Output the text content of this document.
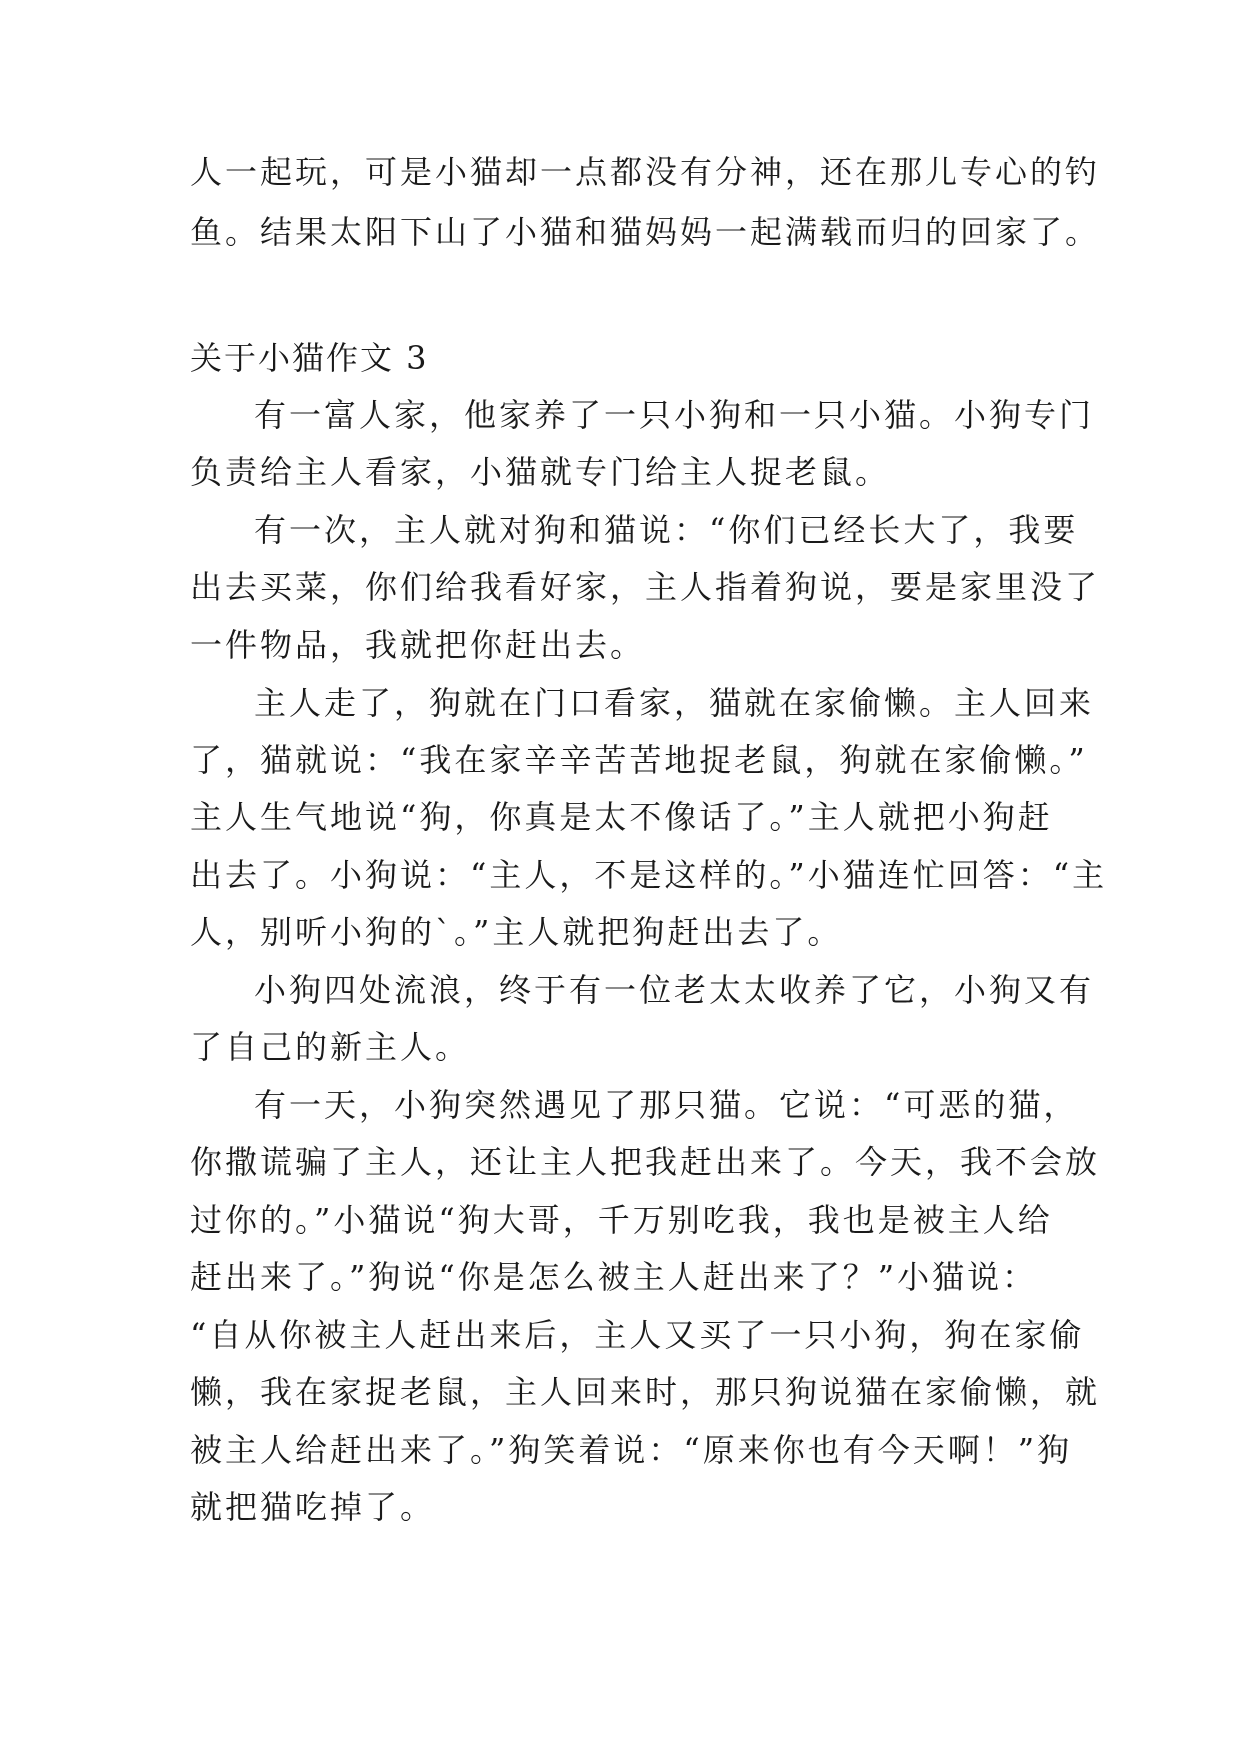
人一起玩，可是小猫却一点都没有分神，还在那儿专心的钓
鱼。结果太阳下山了小猫和猫妈妈一起满载而归的回家了。
关于小猫作文 3
有一富人家，他家养了一只小狗和一只小猫。小狗专门
负责给主人看家，小猫就专门给主人捉老鼠。
有一次，主人就对狗和猫说：“你们已经长大了，我要
出去买菜，你们给我看好家，主人指着狗说，要是家里没了
一件物品，我就把你赶出去。
主人走了，狗就在门口看家，猫就在家偷懒。主人回来
了，猫就说：“我在家辛辛苦苦地捉老鼠，狗就在家偷懒。”
主人生气地说“狗，你真是太不像话了。”主人就把小狗赶
出去了。小狗说：“主人，不是这样的。”小猫连忙回答：“主
人，别听小狗的`。”主人就把狗赶出去了。
小狗四处流浪，终于有一位老太太收养了它，小狗又有
了自己的新主人。
有一天，小狗突然遇见了那只猫。它说：“可恶的猫，
你撒谎骗了主人，还让主人把我赶出来了。今天，我不会放
过你的。”小猫说“狗大哥，千万别吃我，我也是被主人给
赶出来了。”狗说“你是怎么被主人赶出来了？”小猫说：
“自从你被主人赶出来后，主人又买了一只小狗，狗在家偷
懒，我在家捉老鼠，主人回来时，那只狗说猫在家偷懒，就
被主人给赶出来了。”狗笑着说：“原来你也有今天啊！”狗
就把猫吃掉了。
